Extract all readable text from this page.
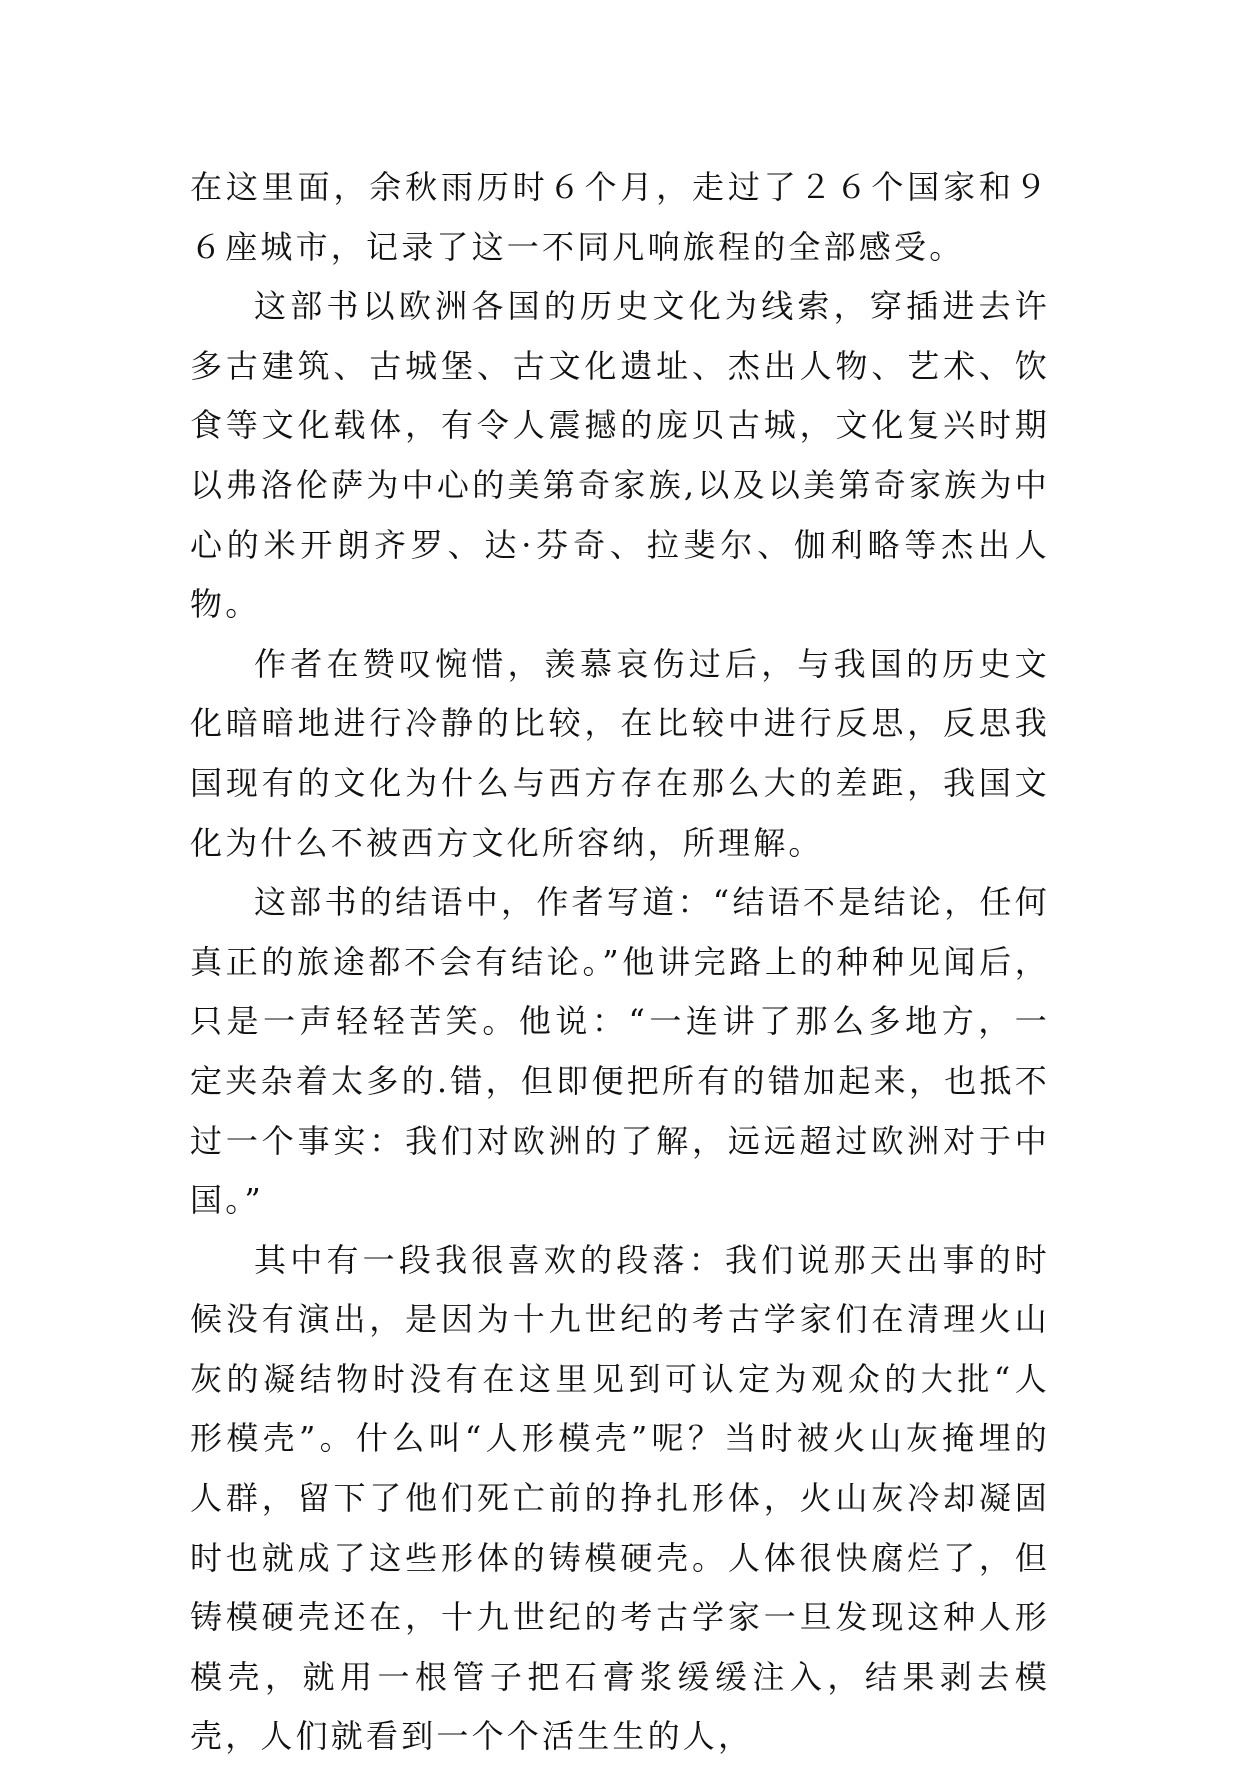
在这里面，余秋雨历时６个月，走过了２６个国家和９６座城市，记录了这一不同凡响旅程的全部感受。

这部书以欧洲各国的历史文化为线索，穿插进去许多古建筑、古城堡、古文化遗址、杰出人物、艺术、饮食等文化载体，有令人震撼的庞贝古城，文化复兴时期以弗洛伦萨为中心的美第奇家族,以及以美第奇家族为中心的米开朗齐罗、达·芬奇、拉斐尔、伽利略等杰出人物。

作者在赞叹惋惜，羡慕哀伤过后，与我国的历史文化暗暗地进行冷静的比较，在比较中进行反思，反思我国现有的文化为什么与西方存在那么大的差距，我国文化为什么不被西方文化所容纳，所理解。

这部书的结语中，作者写道：“结语不是结论，任何真正的旅途都不会有结论。”他讲完路上的种种见闻后，只是一声轻轻苦笑。他说：“一连讲了那么多地方，一定夹杂着太多的.错，但即便把所有的错加起来，也抵不过一个事实：我们对欧洲的了解，远远超过欧洲对于中国。”

其中有一段我很喜欢的段落：我们说那天出事的时候没有演出，是因为十九世纪的考古学家们在清理火山灰的凝结物时没有在这里见到可认定为观众的大批“人形模壳”。什么叫“人形模壳”呢？当时被火山灰掩埋的人群，留下了他们死亡前的挣扎形体，火山灰冷却凝固时也就成了这些形体的铸模硬壳。人体很快腐烂了，但铸模硬壳还在，十九世纪的考古学家一旦发现这种人形模壳，就用一根管子把石膏浆缓缓注入，结果剥去模壳，人们就看到一个个活生生的人，
